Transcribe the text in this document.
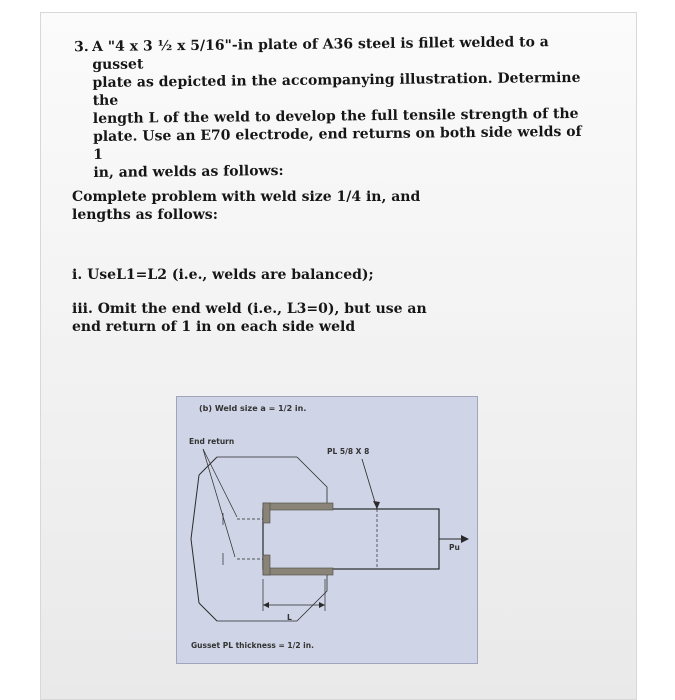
3. A "4 x 3 ½ x 5/16"-in plate of A36 steel is fillet welded to a gusset

plate as depicted in the accompanying illustration. Determine the

length L of the weld to develop the full tensile strength of the

plate. Use an E70 electrode, end returns on both side welds of 1

in, and welds as follows:

Complete problem with weld size 1/4 in, and

lengths as follows:

i. UseL1=L2 (i.e., welds are balanced);
iii. Omit the end weld (i.e., L3=0), but use an
end return of 1 in on each side weld
(b) Weld size a = 1/2 in.
End return
PL 5/8 X 8
L
Pu
Gusset PL thickness = 1/2 in.
